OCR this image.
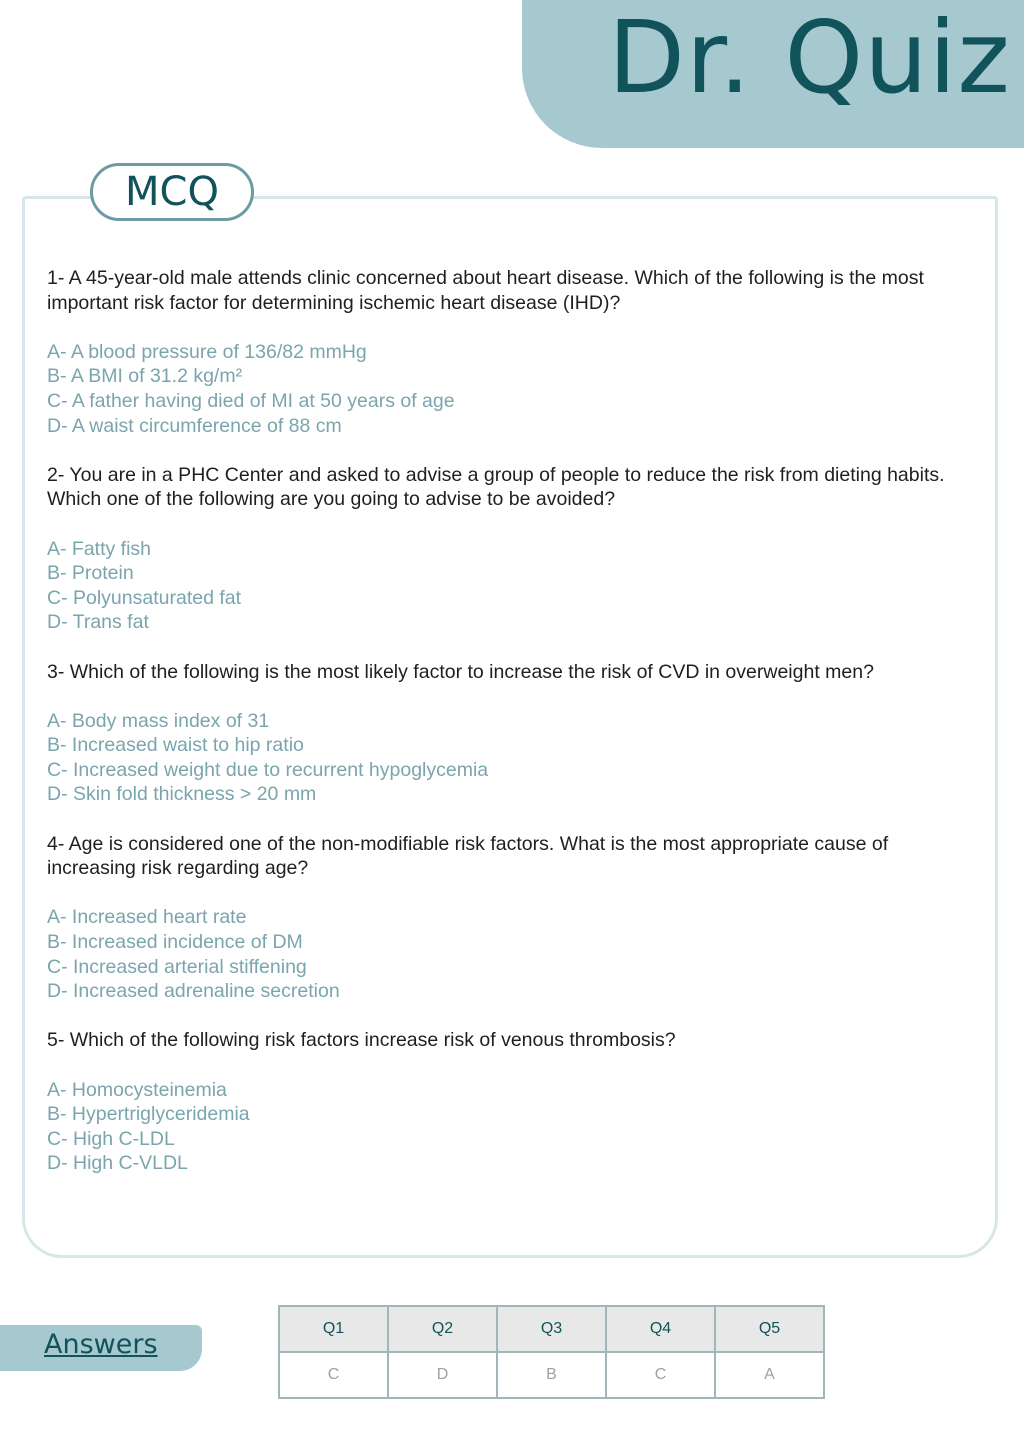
Dr. Quiz
MCQ

1- A 45-year-old male attends clinic concerned about heart disease. Which of the following is the most important risk factor for determining ischemic heart disease (IHD)?

A- A blood pressure of 136/82 mmHg
B- A BMI of 31.2 kg/m²
C- A father having died of MI at 50 years of age
D- A waist circumference of 88 cm

2- You are in a PHC Center and asked to advise a group of people to reduce the risk from dieting habits. Which one of the following are you going to advise to be avoided?

A- Fatty fish
B- Protein
C- Polyunsaturated fat
D- Trans fat

3- Which of the following is the most likely factor to increase the risk of CVD in overweight men?

A- Body mass index of 31
B- Increased waist to hip ratio
C- Increased weight due to recurrent hypoglycemia
D- Skin fold thickness > 20 mm

4- Age is considered one of the non-modifiable risk factors. What is the most appropriate cause of increasing risk regarding age?

A- Increased heart rate
B- Increased incidence of DM
C- Increased arterial stiffening
D- Increased adrenaline secretion

5- Which of the following risk factors increase risk of venous thrombosis?

A- Homocysteinemia
B- Hypertriglyceridemia
C- High C-LDL
D- High C-VLDL
Answers
Q1	Q2	Q3	Q4	Q5
C	D	B	C	A
